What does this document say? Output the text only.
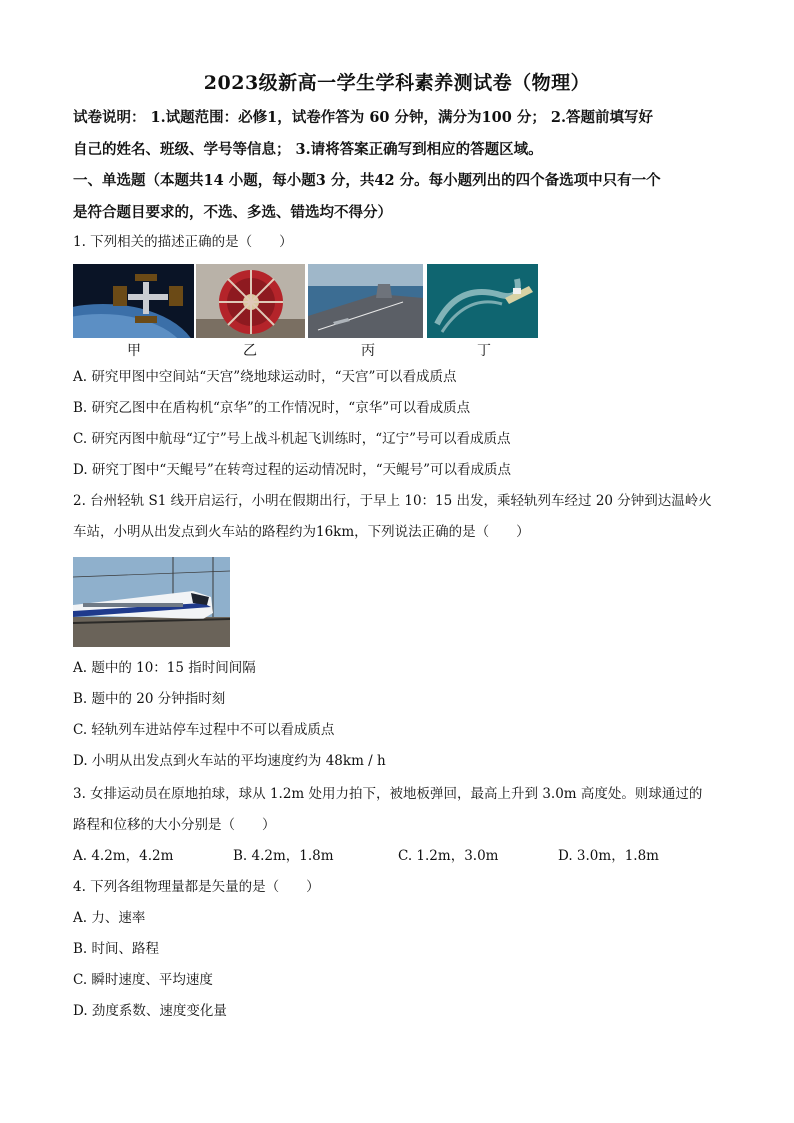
2023级新高一学生学科素养测试卷（物理）

试卷说明： 1.试题范围：必修1，试卷作答为 60 分钟，满分为100 分； 2.答题前填写好

自己的姓名、班级、学号等信息； 3.请将答案正确写到相应的答题区域。

一、单选题（本题共14 小题，每小题3 分，共42 分。每小题列出的四个备选项中只有一个

是符合题目要求的，不选、多选、错选均不得分）

1. 下列相关的描述正确的是（　　）

甲	乙	丙	丁

A. 研究甲图中空间站“天宫”绕地球运动时，“天宫”可以看成质点

B. 研究乙图中在盾构机“京华”的工作情况时，“京华”可以看成质点

C. 研究丙图中航母“辽宁”号上战斗机起飞训练时，“辽宁”号可以看成质点

D. 研究丁图中“天鲲号”在转弯过程的运动情况时，“天鲲号”可以看成质点

2. 台州轻轨 S1 线开启运行，小明在假期出行，于早上 10：15 出发，乘轻轨列车经过 20 分钟到达温岭火

车站，小明从出发点到火车站的路程约为16km，下列说法正确的是（　　）

A. 题中的 10：15 指时间间隔

B. 题中的 20 分钟指时刻

C. 轻轨列车进站停车过程中不可以看成质点

D. 小明从出发点到火车站的平均速度约为 48km / h

3. 女排运动员在原地拍球，球从 1.2m 处用力拍下，被地板弹回，最高上升到 3.0m 高度处。则球通过的

路程和位移的大小分别是（　　）

A. 4.2m，4.2m	B. 4.2m，1.8m	C. 1.2m，3.0m	D. 3.0m，1.8m

4. 下列各组物理量都是矢量的是（　　）

A. 力、速率

B. 时间、路程

C. 瞬时速度、平均速度

D. 劲度系数、速度变化量
